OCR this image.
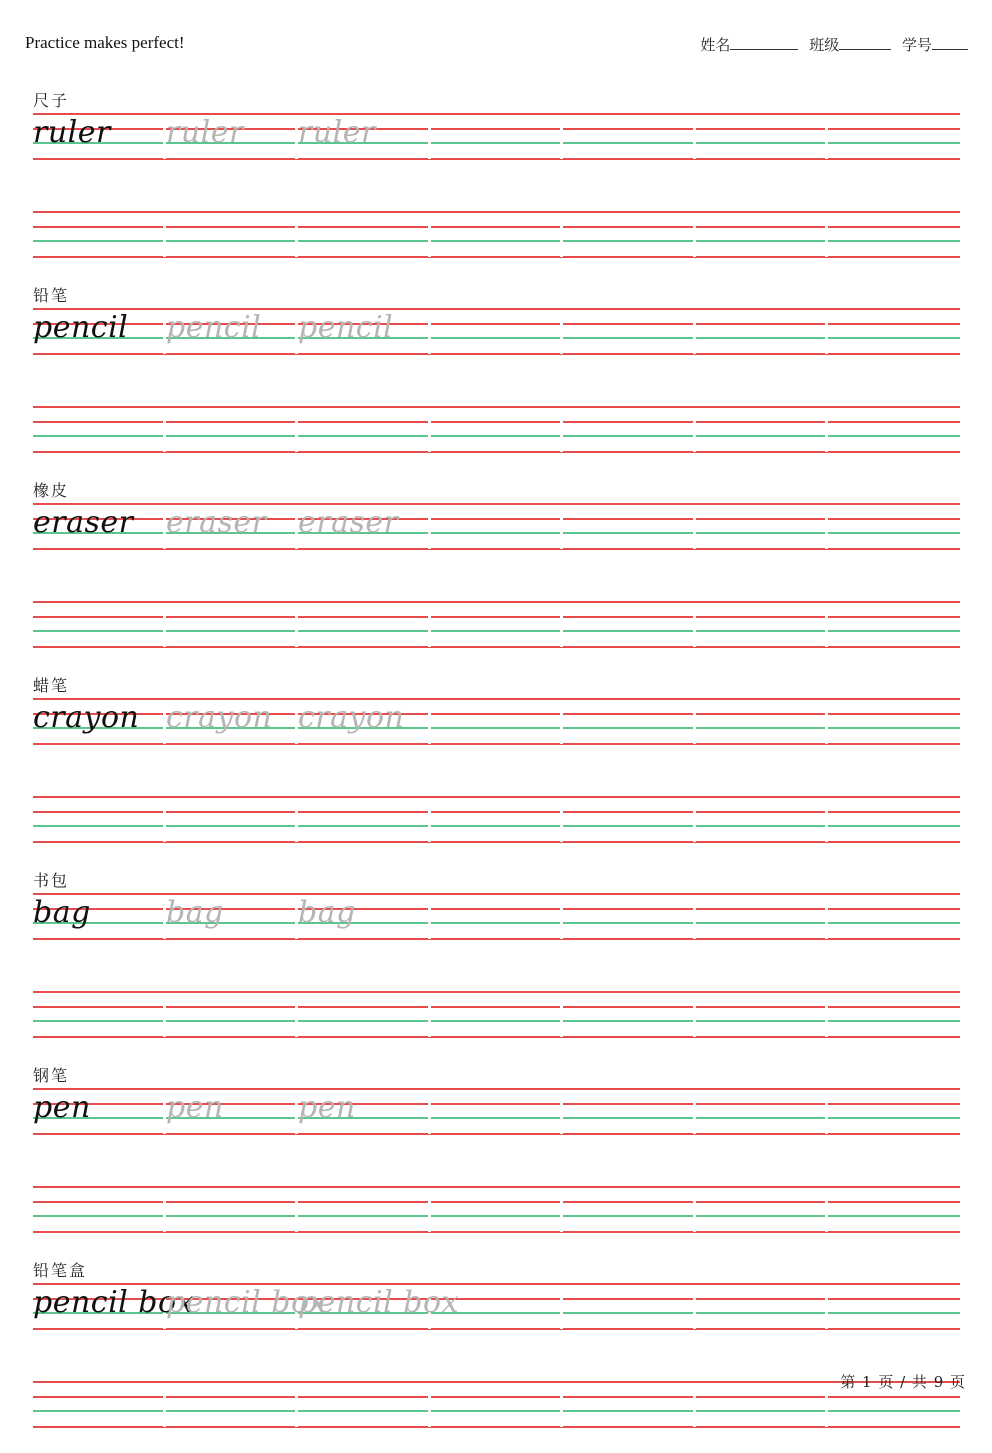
Practice makes perfect!	姓名	班级	学号
尺子
ruler ruler ruler
铅笔
pencil pencil pencil
橡皮
eraser eraser eraser
蜡笔
crayon crayon crayon
书包
bag	bag bag
钢笔
pen	pen pen
铅笔盒
pencil box
pencil box
pencil box
第 1 页 / 共 9 页
